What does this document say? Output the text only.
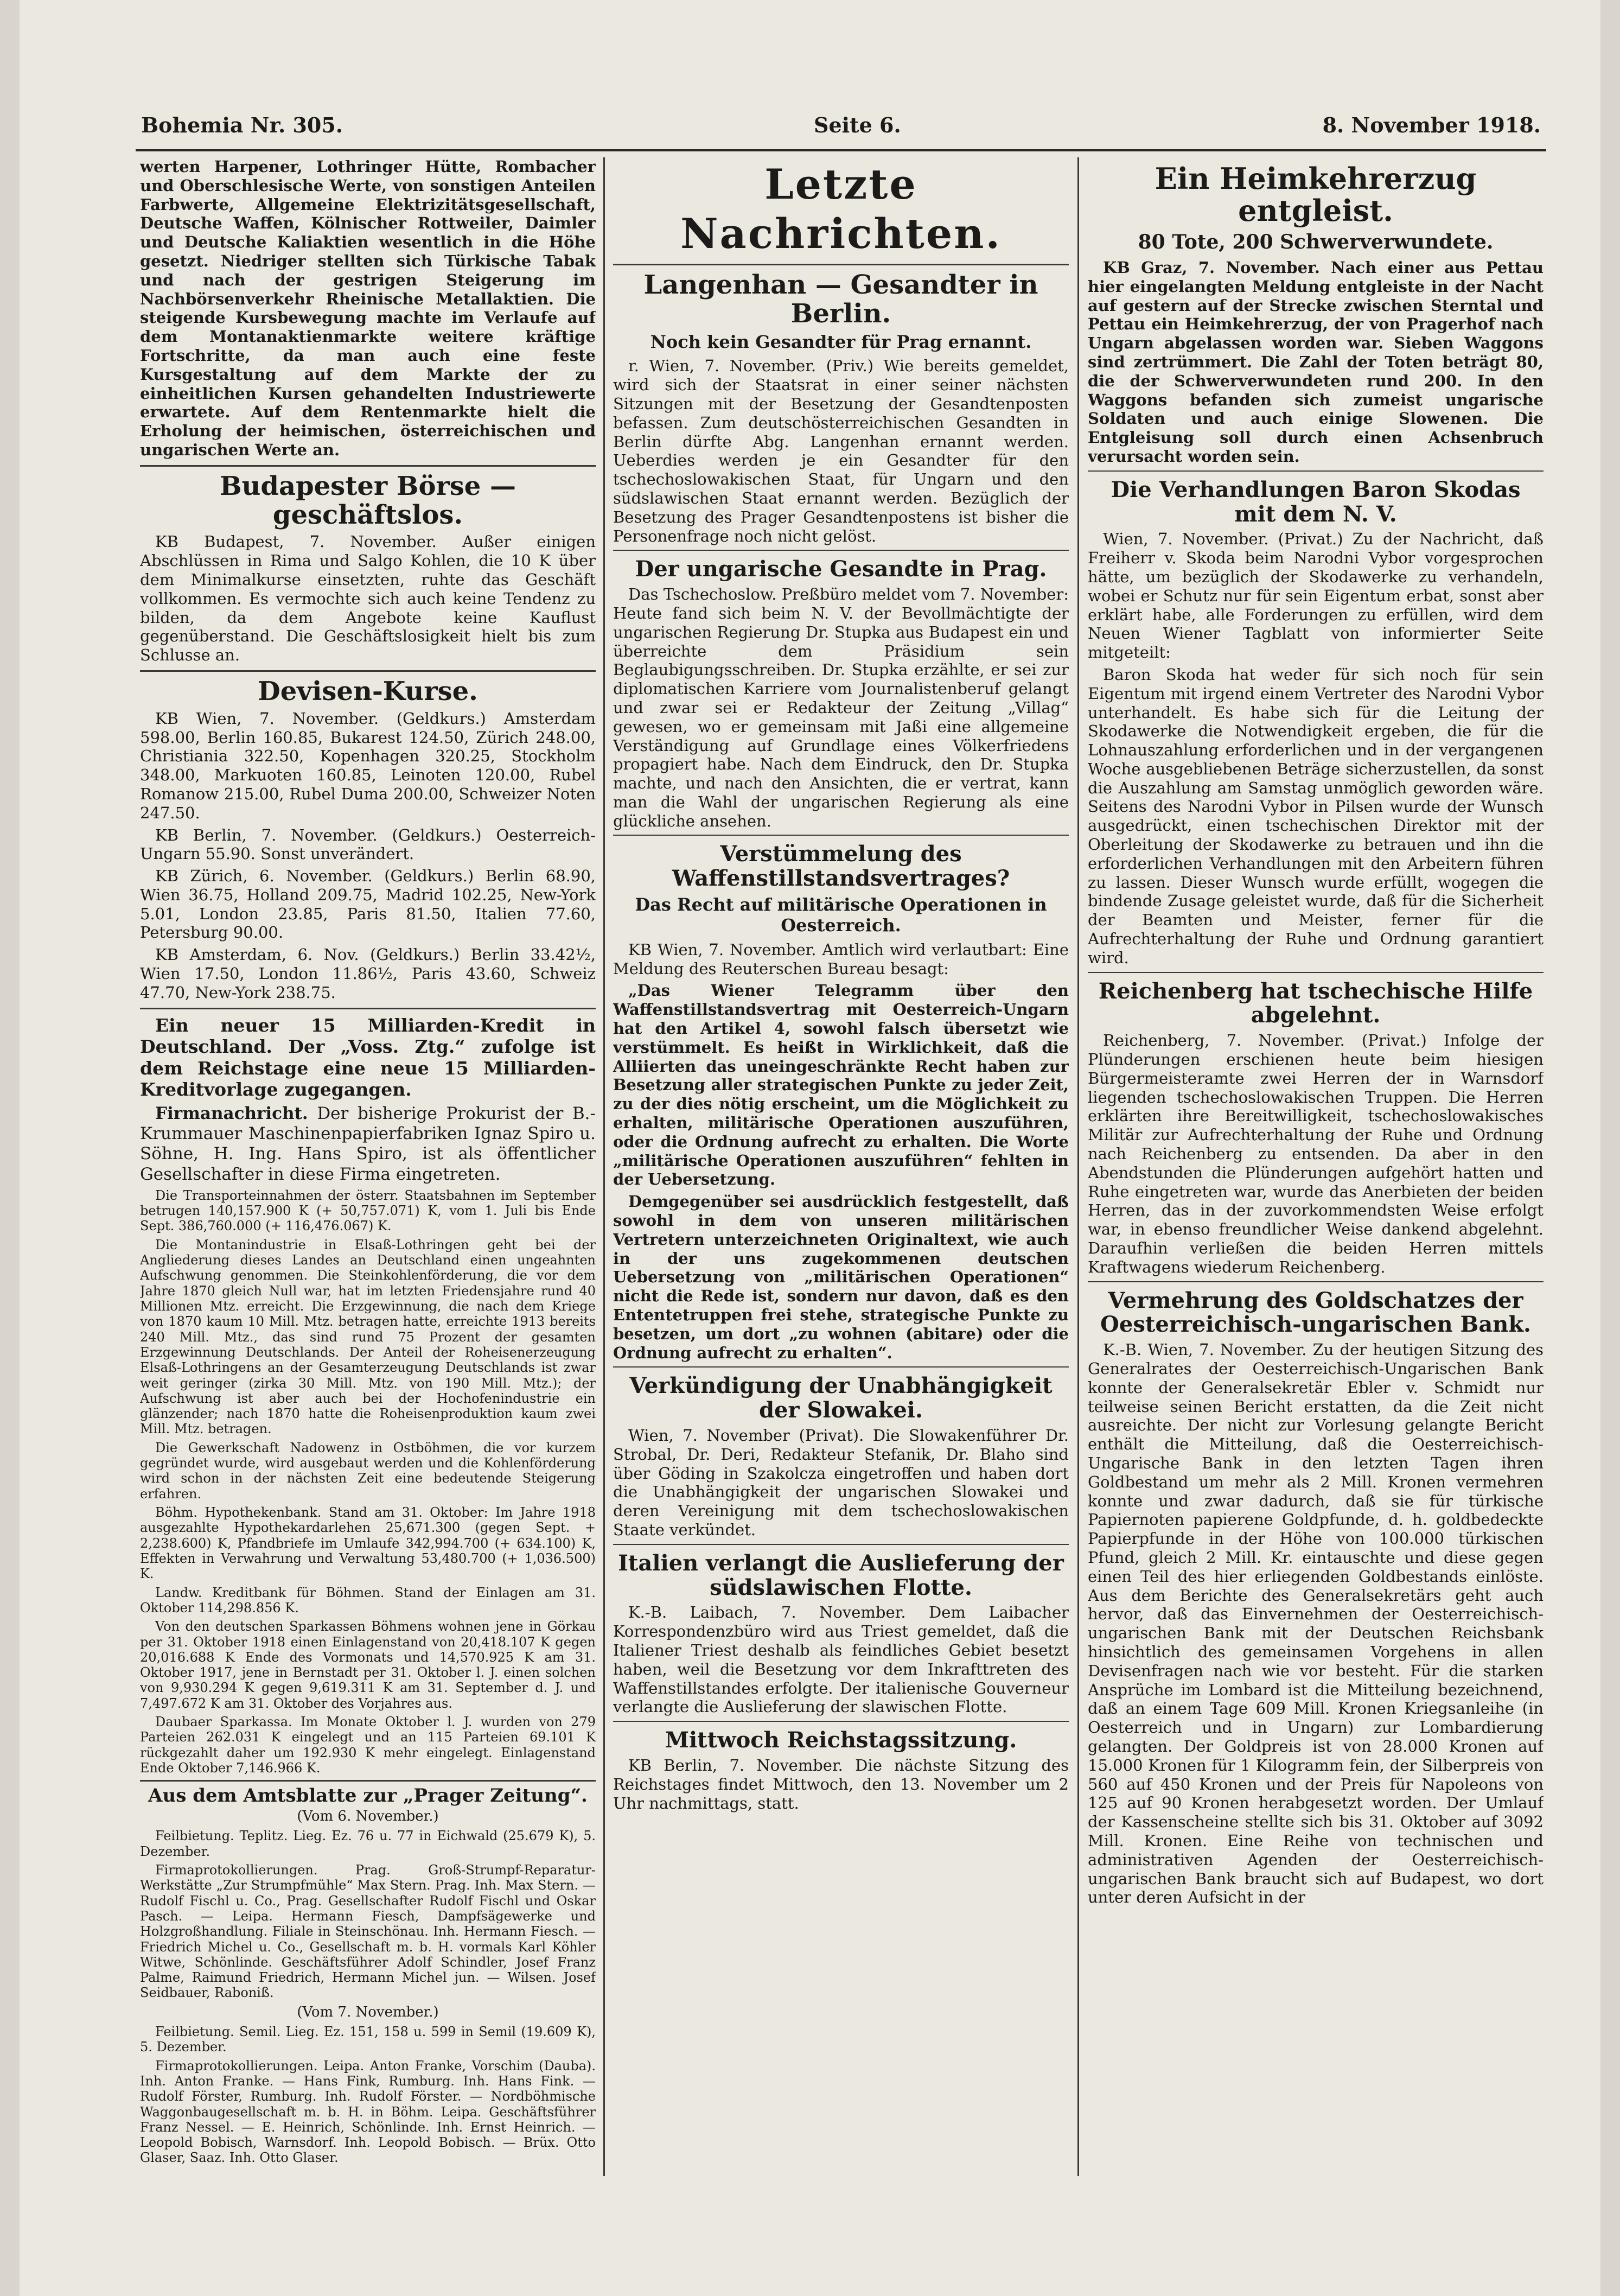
Bohemia Nr. 305.	Seite 6.	8. November 1918.

werten Harpener, Lothringer Hütte, Rombacher und Oberschlesische Werte, von sonstigen Anteilen Farbwerte, Allgemeine Elektrizitätsgesellschaft, Deutsche Waffen, Kölnischer Rottweiler, Daimler und Deutsche Kaliaktien wesentlich in die Höhe gesetzt. Niedriger stellten sich Türkische Tabak und nach der gestrigen Steigerung im Nachbörsenverkehr Rheinische Metallaktien. Die steigende Kursbewegung machte im Verlaufe auf dem Montanaktienmarkte weitere kräftige Fortschritte, da man auch eine feste Kursgestaltung auf dem Markte der zu einheitlichen Kursen gehandelten Industriewerte erwartete. Auf dem Rentenmarkte hielt die Erholung der heimischen, österreichischen und ungarischen Werte an.

Budapester Börse — geschäftslos.

KB Budapest, 7. November. Außer einigen Abschlüssen in Rima und Salgo Kohlen, die 10 K über dem Minimalkurse einsetzten, ruhte das Geschäft vollkommen. Es vermochte sich auch keine Tendenz zu bilden, da dem Angebote keine Kauflust gegenüberstand. Die Geschäftslosigkeit hielt bis zum Schlusse an.

Devisen-Kurse.

KB Wien, 7. November. (Geldkurs.) Amsterdam 598.00, Berlin 160.85, Bukarest 124.50, Zürich 248.00, Christiania 322.50, Kopenhagen 320.25, Stockholm 348.00, Markuoten 160.85, Leinoten 120.00, Rubel Romanow 215.00, Rubel Duma 200.00, Schweizer Noten 247.50.

KB Berlin, 7. November. (Geldkurs.) Oesterreich-Ungarn 55.90. Sonst unverändert.

KB Zürich, 6. November. (Geldkurs.) Berlin 68.90, Wien 36.75, Holland 209.75, Madrid 102.25, New-York 5.01, London 23.85, Paris 81.50, Italien 77.60, Petersburg 90.00.

KB Amsterdam, 6. Nov. (Geldkurs.) Berlin 33.42½, Wien 17.50, London 11.86½, Paris 43.60, Schweiz 47.70, New-York 238.75.

Ein neuer 15 Milliarden-Kredit in Deutschland. Der „Voss. Ztg.“ zufolge ist dem Reichstage eine neue 15 Milliarden-Kreditvorlage zugegangen.

Firmanachricht. Der bisherige Prokurist der B.-Krummauer Maschinenpapierfabriken Ignaz Spiro u. Söhne, H. Ing. Hans Spiro, ist als öffentlicher Gesellschafter in diese Firma eingetreten.

Die Transporteinnahmen der österr. Staatsbahnen im September betrugen 140,157.900 K (+ 50,757.071) K, vom 1. Juli bis Ende Sept. 386,760.000 (+ 116,476.067) K.

Die Montanindustrie in Elsaß-Lothringen geht bei der Angliederung dieses Landes an Deutschland einen ungeahnten Aufschwung genommen. Die Steinkohlenförderung, die vor dem Jahre 1870 gleich Null war, hat im letzten Friedensjahre rund 40 Millionen Mtz. erreicht. Die Erzgewinnung, die nach dem Kriege von 1870 kaum 10 Mill. Mtz. betragen hatte, erreichte 1913 bereits 240 Mill. Mtz., das sind rund 75 Prozent der gesamten Erzgewinnung Deutschlands. Der Anteil der Roheisenerzeugung Elsaß-Lothringens an der Gesamterzeugung Deutschlands ist zwar weit geringer (zirka 30 Mill. Mtz. von 190 Mill. Mtz.); der Aufschwung ist aber auch bei der Hochofenindustrie ein glänzender; nach 1870 hatte die Roheisenproduktion kaum zwei Mill. Mtz. betragen.

Die Gewerkschaft Nadowenz in Ostböhmen, die vor kurzem gegründet wurde, wird ausgebaut werden und die Kohlenförderung wird schon in der nächsten Zeit eine bedeutende Steigerung erfahren.

Böhm. Hypothekenbank. Stand am 31. Oktober: Im Jahre 1918 ausgezahlte Hypothekardarlehen 25,671.300 (gegen Sept. + 2,238.600) K, Pfandbriefe im Umlaufe 342,994.700 (+ 634.100) K, Effekten in Verwahrung und Verwaltung 53,480.700 (+ 1,036.500) K.

Landw. Kreditbank für Böhmen. Stand der Einlagen am 31. Oktober 114,298.856 K.

Von den deutschen Sparkassen Böhmens wohnen jene in Görkau per 31. Oktober 1918 einen Einlagenstand von 20,418.107 K gegen 20,016.688 K Ende des Vormonats und 14,570.925 K am 31. Oktober 1917, jene in Bernstadt per 31. Oktober l. J. einen solchen von 9,930.294 K gegen 9,619.311 K am 31. September d. J. und 7,497.672 K am 31. Oktober des Vorjahres aus.

Daubaer Sparkassa. Im Monate Oktober l. J. wurden von 279 Parteien 262.031 K eingelegt und an 115 Parteien 69.101 K rückgezahlt daher um 192.930 K mehr eingelegt. Einlagenstand Ende Oktober 7,146.966 K.

Aus dem Amtsblatte zur „Prager Zeitung“.
(Vom 6. November.)

Feilbietung. Teplitz. Lieg. Ez. 76 u. 77 in Eichwald (25.679 K), 5. Dezember.

Firmaprotokollierungen. Prag. Groß-Strumpf-Reparatur-Werkstätte „Zur Strumpfmühle“ Max Stern. Prag. Inh. Max Stern. — Rudolf Fischl u. Co., Prag. Gesellschafter Rudolf Fischl und Oskar Pasch. — Leipa. Hermann Fiesch, Dampfsägewerke und Holzgroßhandlung. Filiale in Steinschönau. Inh. Hermann Fiesch. — Friedrich Michel u. Co., Gesellschaft m. b. H. vormals Karl Köhler Witwe, Schönlinde. Geschäftsführer Adolf Schindler, Josef Franz Palme, Raimund Friedrich, Hermann Michel jun. — Wilsen. Josef Seidbauer, Raboniß.

(Vom 7. November.)

Feilbietung. Semil. Lieg. Ez. 151, 158 u. 599 in Semil (19.609 K), 5. Dezember.

Firmaprotokollierungen. Leipa. Anton Franke, Vorschim (Dauba). Inh. Anton Franke. — Hans Fink, Rumburg. Inh. Hans Fink. — Rudolf Förster, Rumburg. Inh. Rudolf Förster. — Nordböhmische Waggonbaugesellschaft m. b. H. in Böhm. Leipa. Geschäftsführer Franz Nessel. — E. Heinrich, Schönlinde. Inh. Ernst Heinrich. — Leopold Bobisch, Warnsdorf. Inh. Leopold Bobisch. — Brüx. Otto Glaser, Saaz. Inh. Otto Glaser.

Letzte Nachrichten.
Langenhan — Gesandter in Berlin.
Noch kein Gesandter für Prag ernannt.

r. Wien, 7. November. (Priv.) Wie bereits gemeldet, wird sich der Staatsrat in einer seiner nächsten Sitzungen mit der Besetzung der Gesandtenposten befassen. Zum deutschösterreichischen Gesandten in Berlin dürfte Abg. Langenhan ernannt werden. Ueberdies werden je ein Gesandter für den tschechoslowakischen Staat, für Ungarn und den südslawischen Staat ernannt werden. Bezüglich der Besetzung des Prager Gesandtenpostens ist bisher die Personenfrage noch nicht gelöst.

Der ungarische Gesandte in Prag.

Das Tschechoslow. Preßbüro meldet vom 7. November: Heute fand sich beim N. V. der Bevollmächtigte der ungarischen Regierung Dr. Stupka aus Budapest ein und überreichte dem Präsidium sein Beglaubigungsschreiben. Dr. Stupka erzählte, er sei zur diplomatischen Karriere vom Journalistenberuf gelangt und zwar sei er Redakteur der Zeitung „Villag“ gewesen, wo er gemeinsam mit Jaßi eine allgemeine Verständigung auf Grundlage eines Völkerfriedens propagiert habe. Nach dem Eindruck, den Dr. Stupka machte, und nach den Ansichten, die er vertrat, kann man die Wahl der ungarischen Regierung als eine glückliche ansehen.

Verstümmelung des Waffenstillstandsvertrages?
Das Recht auf militärische Operationen in Oesterreich.

KB Wien, 7. November. Amtlich wird verlautbart: Eine Meldung des Reuterschen Bureau besagt:

„Das Wiener Telegramm über den Waffenstillstandsvertrag mit Oesterreich-Ungarn hat den Artikel 4, sowohl falsch übersetzt wie verstümmelt. Es heißt in Wirklichkeit, daß die Alliierten das uneingeschränkte Recht haben zur Besetzung aller strategischen Punkte zu jeder Zeit, zu der dies nötig erscheint, um die Möglichkeit zu erhalten, militärische Operationen auszuführen, oder die Ordnung aufrecht zu erhalten. Die Worte „militärische Operationen auszuführen“ fehlten in der Uebersetzung.

Demgegenüber sei ausdrücklich festgestellt, daß sowohl in dem von unseren militärischen Vertretern unterzeichneten Originaltext, wie auch in der uns zugekommenen deutschen Uebersetzung von „militärischen Operationen“ nicht die Rede ist, sondern nur davon, daß es den Ententetruppen frei stehe, strategische Punkte zu besetzen, um dort „zu wohnen (abitare) oder die Ordnung aufrecht zu erhalten“.

Verkündigung der Unabhängigkeit der Slowakei.

Wien, 7. November (Privat). Die Slowakenführer Dr. Strobal, Dr. Deri, Redakteur Stefanik, Dr. Blaho sind über Göding in Szakolcza eingetroffen und haben dort die Unabhängigkeit der ungarischen Slowakei und deren Vereinigung mit dem tschechoslowakischen Staate verkündet.

Italien verlangt die Auslieferung der südslawischen Flotte.

K.-B. Laibach, 7. November. Dem Laibacher Korrespondenzbüro wird aus Triest gemeldet, daß die Italiener Triest deshalb als feindliches Gebiet besetzt haben, weil die Besetzung vor dem Inkrafttreten des Waffenstillstandes erfolgte. Der italienische Gouverneur verlangte die Auslieferung der slawischen Flotte.

Mittwoch Reichstagssitzung.

KB Berlin, 7. November. Die nächste Sitzung des Reichstages findet Mittwoch, den 13. November um 2 Uhr nachmittags, statt.

Ein Heimkehrerzug entgleist.
80 Tote, 200 Schwerverwundete.

KB Graz, 7. November. Nach einer aus Pettau hier eingelangten Meldung entgleiste in der Nacht auf gestern auf der Strecke zwischen Sterntal und Pettau ein Heimkehrerzug, der von Pragerhof nach Ungarn abgelassen worden war. Sieben Waggons sind zertrümmert. Die Zahl der Toten beträgt 80, die der Schwerverwundeten rund 200. In den Waggons befanden sich zumeist ungarische Soldaten und auch einige Slowenen. Die Entgleisung soll durch einen Achsenbruch verursacht worden sein.

Die Verhandlungen Baron Skodas mit dem N. V.

Wien, 7. November. (Privat.) Zu der Nachricht, daß Freiherr v. Skoda beim Narodni Vybor vorgesprochen hätte, um bezüglich der Skodawerke zu verhandeln, wobei er Schutz nur für sein Eigentum erbat, sonst aber erklärt habe, alle Forderungen zu erfüllen, wird dem Neuen Wiener Tagblatt von informierter Seite mitgeteilt:

Baron Skoda hat weder für sich noch für sein Eigentum mit irgend einem Vertreter des Narodni Vybor unterhandelt. Es habe sich für die Leitung der Skodawerke die Notwendigkeit ergeben, die für die Lohnauszahlung erforderlichen und in der vergangenen Woche ausgebliebenen Beträge sicherzustellen, da sonst die Auszahlung am Samstag unmöglich geworden wäre. Seitens des Narodni Vybor in Pilsen wurde der Wunsch ausgedrückt, einen tschechischen Direktor mit der Oberleitung der Skodawerke zu betrauen und ihn die erforderlichen Verhandlungen mit den Arbeitern führen zu lassen. Dieser Wunsch wurde erfüllt, wogegen die bindende Zusage geleistet wurde, daß für die Sicherheit der Beamten und Meister, ferner für die Aufrechterhaltung der Ruhe und Ordnung garantiert wird.

Reichenberg hat tschechische Hilfe abgelehnt.

Reichenberg, 7. November. (Privat.) Infolge der Plünderungen erschienen heute beim hiesigen Bürgermeisteramte zwei Herren der in Warnsdorf liegenden tschechoslowakischen Truppen. Die Herren erklärten ihre Bereitwilligkeit, tschechoslowakisches Militär zur Aufrechterhaltung der Ruhe und Ordnung nach Reichenberg zu entsenden. Da aber in den Abendstunden die Plünderungen aufgehört hatten und Ruhe eingetreten war, wurde das Anerbieten der beiden Herren, das in der zuvorkommendsten Weise erfolgt war, in ebenso freundlicher Weise dankend abgelehnt. Daraufhin verließen die beiden Herren mittels Kraftwagens wiederum Reichenberg.

Vermehrung des Goldschatzes der Oesterreichisch-ungarischen Bank.

K.-B. Wien, 7. November. Zu der heutigen Sitzung des Generalrates der Oesterreichisch-Ungarischen Bank konnte der Generalsekretär Ebler v. Schmidt nur teilweise seinen Bericht erstatten, da die Zeit nicht ausreichte. Der nicht zur Vorlesung gelangte Bericht enthält die Mitteilung, daß die Oesterreichisch-Ungarische Bank in den letzten Tagen ihren Goldbestand um mehr als 2 Mill. Kronen vermehren konnte und zwar dadurch, daß sie für türkische Papiernoten papierene Goldpfunde, d. h. goldbedeckte Papierpfunde in der Höhe von 100.000 türkischen Pfund, gleich 2 Mill. Kr. eintauschte und diese gegen einen Teil des hier erliegenden Goldbestands einlöste. Aus dem Berichte des Generalsekretärs geht auch hervor, daß das Einvernehmen der Oesterreichisch-ungarischen Bank mit der Deutschen Reichsbank hinsichtlich des gemeinsamen Vorgehens in allen Devisenfragen nach wie vor besteht. Für die starken Ansprüche im Lombard ist die Mitteilung bezeichnend, daß an einem Tage 609 Mill. Kronen Kriegsanleihe (in Oesterreich und in Ungarn) zur Lombardierung gelangten. Der Goldpreis ist von 28.000 Kronen auf 15.000 Kronen für 1 Kilogramm fein, der Silberpreis von 560 auf 450 Kronen und der Preis für Napoleons von 125 auf 90 Kronen herabgesetzt worden. Der Umlauf der Kassenscheine stellte sich bis 31. Oktober auf 3092 Mill. Kronen. Eine Reihe von technischen und administrativen Agenden der Oesterreichisch-ungarischen Bank braucht sich auf Budapest, wo dort unter deren Aufsicht in der
